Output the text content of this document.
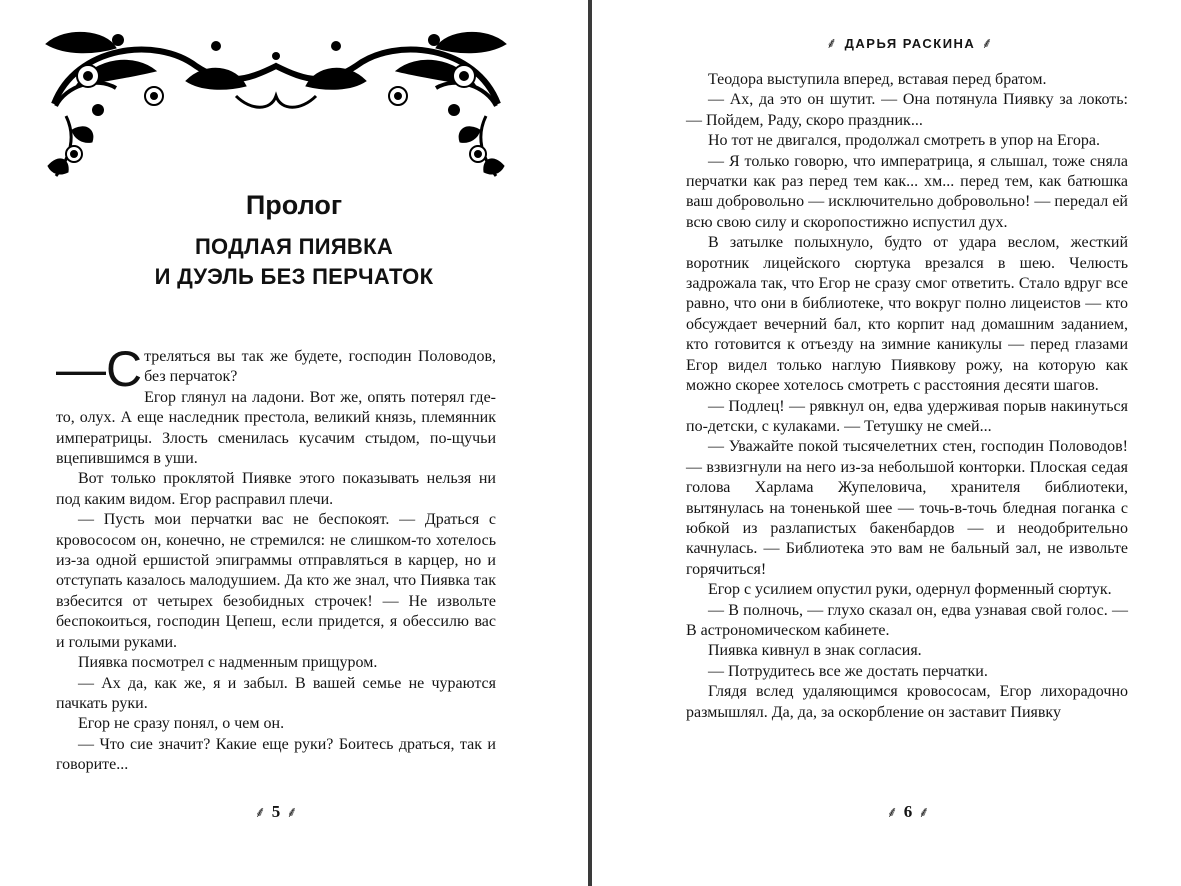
Пролог
ПОДЛАЯ ПИЯВКА
И ДУЭЛЬ БЕЗ ПЕРЧАТОК

—С треляться вы так же будете, господин Половодов, без перчаток?

Егор глянул на ладони. Вот же, опять потерял где-то, олух. А еще наследник престола, великий князь, племянник императрицы. Злость сменилась кусачим стыдом, по-щучьи вцепившимся в уши.

Вот только проклятой Пиявке этого показывать нельзя ни под каким видом. Егор расправил плечи.

— Пусть мои перчатки вас не беспокоят. — Драться с кровососом он, конечно, не стремился: не слишком-то хотелось из-за одной ершистой эпиграммы отправляться в карцер, но и отступать казалось малодушием. Да кто же знал, что Пиявка так взбесится от четырех безобидных строчек! — Не извольте беспокоиться, господин Цепеш, если придется, я обессилю вас и голыми руками.

Пиявка посмотрел с надменным прищуром.

— Ах да, как же, я и забыл. В вашей семье не чураются пачкать руки.

Егор не сразу понял, о чем он.

— Что сие значит? Какие еще руки? Боитесь драться, так и говорите...

⸙ 5 ⸙
⸙ ДАРЬЯ РАСКИНА ⸙

Теодора выступила вперед, вставая перед братом.

— Ах, да это он шутит. — Она потянула Пиявку за локоть: — Пойдем, Раду, скоро праздник...

Но тот не двигался, продолжал смотреть в упор на Егора.

— Я только говорю, что императрица, я слышал, тоже сняла перчатки как раз перед тем как... хм... перед тем, как батюшка ваш добровольно — исключительно добровольно! — передал ей всю свою силу и скоропостижно испустил дух.

В затылке полыхнуло, будто от удара веслом, жесткий воротник лицейского сюртука врезался в шею. Челюсть задрожала так, что Егор не сразу смог ответить. Стало вдруг все равно, что они в библиотеке, что вокруг полно лицеистов — кто обсуждает вечерний бал, кто корпит над домашним заданием, кто готовится к отъезду на зимние каникулы — перед глазами Егор видел только наглую Пиявкову рожу, на которую как можно скорее хотелось смотреть с расстояния десяти шагов.

— Подлец! — рявкнул он, едва удерживая порыв накинуться по-детски, с кулаками. — Тетушку не смей...

— Уважайте покой тысячелетних стен, господин Половодов! — взвизгнули на него из-за небольшой конторки. Плоская седая голова Харлама Жупеловича, хранителя библиотеки, вытянулась на тоненькой шее — точь-в-точь бледная поганка с юбкой из разлапистых бакенбардов — и неодобрительно качнулась. — Библиотека это вам не бальный зал, не извольте горячиться!

Егор с усилием опустил руки, одернул форменный сюртук.

— В полночь, — глухо сказал он, едва узнавая свой голос. — В астрономическом кабинете.

Пиявка кивнул в знак согласия.

— Потрудитесь все же достать перчатки.

Глядя вслед удаляющимся кровососам, Егор лихорадочно размышлял. Да, да, за оскорбление он заставит Пиявку

⸙ 6 ⸙
